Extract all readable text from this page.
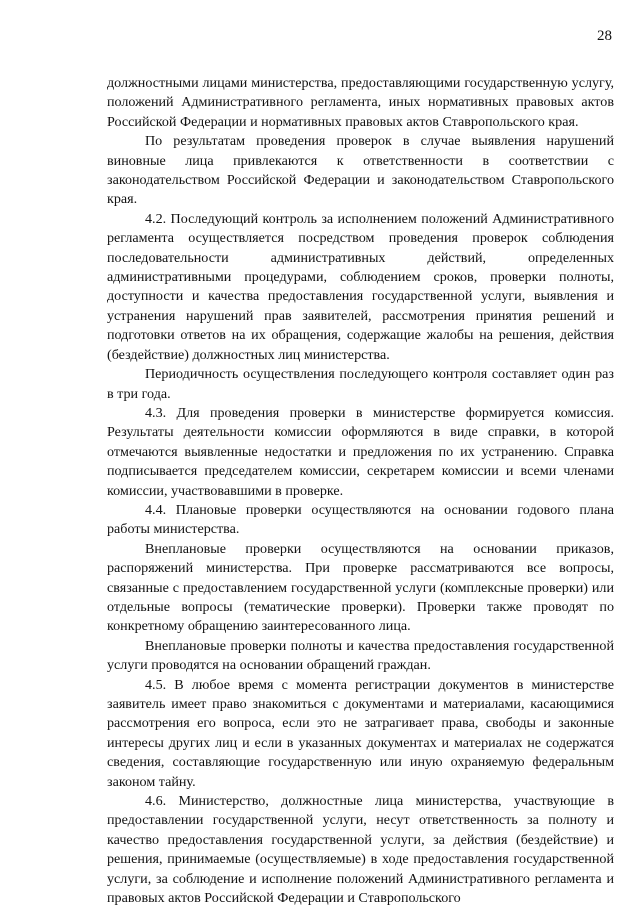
28

должностными лицами министерства, предоставляющими государственную услугу, положений Административного регламента, иных нормативных правовых актов Российской Федерации и нормативных правовых актов Ставропольского края.

По результатам проведения проверок в случае выявления нарушений виновные лица привлекаются к ответственности в соответствии с законодательством Российской Федерации и законодательством Ставропольского края.

4.2. Последующий контроль за исполнением положений Административного регламента осуществляется посредством проведения проверок соблюдения последовательности административных действий, определенных административными процедурами, соблюдением сроков, проверки полноты, доступности и качества предоставления государственной услуги, выявления и устранения нарушений прав заявителей, рассмотрения принятия решений и подготовки ответов на их обращения, содержащие жалобы на решения, действия (бездействие) должностных лиц министерства.

Периодичность осуществления последующего контроля составляет один раз в три года.

4.3. Для проведения проверки в министерстве формируется комиссия. Результаты деятельности комиссии оформляются в виде справки, в которой отмечаются выявленные недостатки и предложения по их устранению. Справка подписывается председателем комиссии, секретарем комиссии и всеми членами комиссии, участвовавшими в проверке.

4.4. Плановые проверки осуществляются на основании годового плана работы министерства.

Внеплановые проверки осуществляются на основании приказов, распоряжений министерства. При проверке рассматриваются все вопросы, связанные с предоставлением государственной услуги (комплексные проверки) или отдельные вопросы (тематические проверки). Проверки также проводят по конкретному обращению заинтересованного лица.

Внеплановые проверки полноты и качества предоставления государственной услуги проводятся на основании обращений граждан.

4.5. В любое время с момента регистрации документов в министерстве заявитель имеет право знакомиться с документами и материалами, касающимися рассмотрения его вопроса, если это не затрагивает права, свободы и законные интересы других лиц и если в указанных документах и материалах не содержатся сведения, составляющие государственную или иную охраняемую федеральным законом тайну.

4.6. Министерство, должностные лица министерства, участвующие в предоставлении государственной услуги, несут ответственность за полноту и качество предоставления государственной услуги, за действия (бездействие) и решения, принимаемые (осуществляемые) в ходе предоставления государственной услуги, за соблюдение и исполнение положений Административного регламента и правовых актов Российской Федерации и Ставропольского
